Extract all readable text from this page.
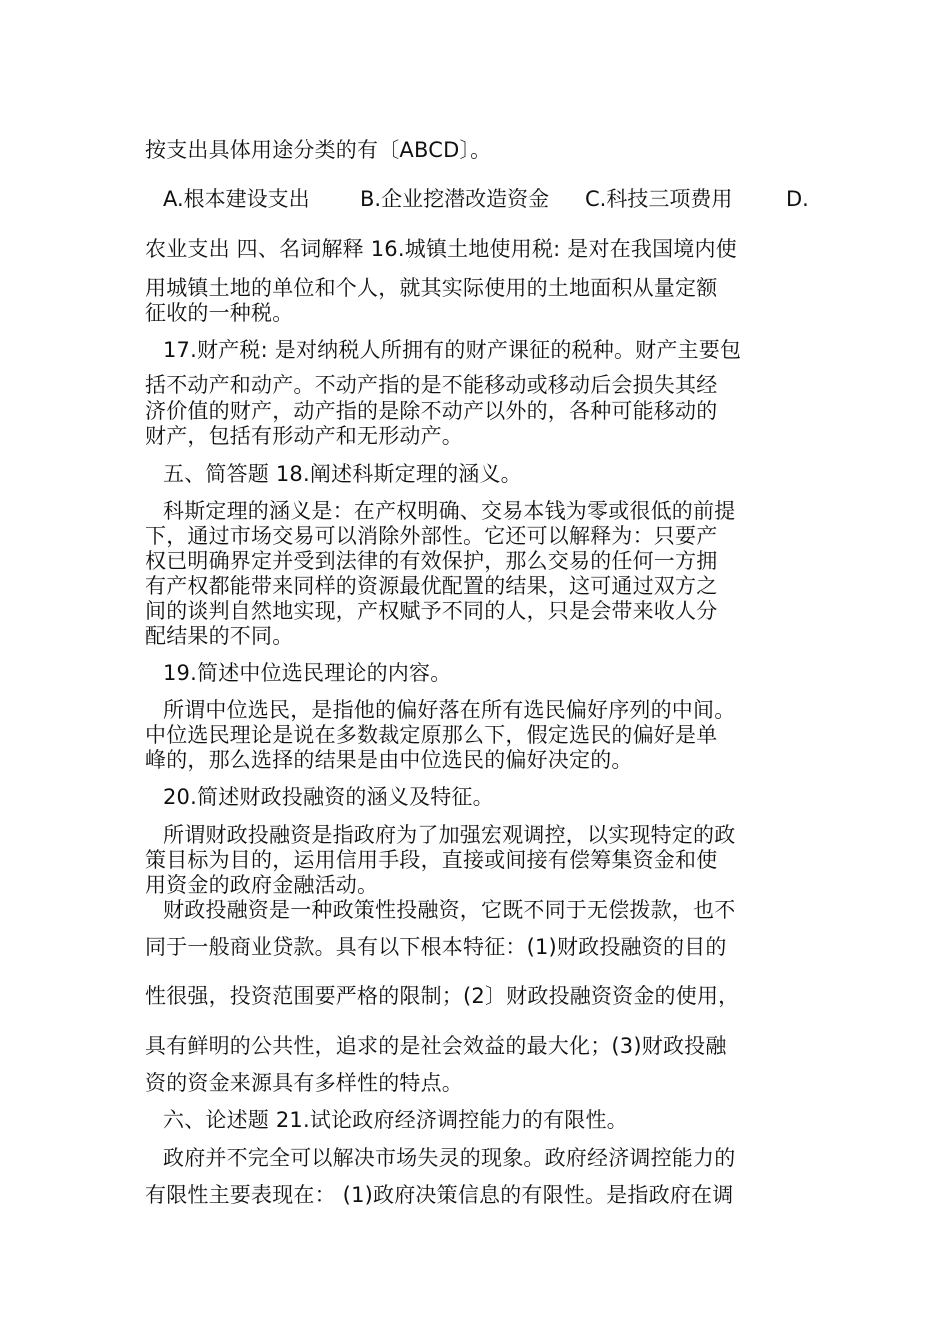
按支出具体用途分类的有〔ABCD〕。
A.根本建设支出 B.企业挖潜改造资金 C.科技三项费用	D.
农业支出 四、名词解释 16.城镇土地使用税: 是对在我国境内使
用城镇土地的单位和个人，就其实际使用的土地面积从量定额
征收的一种税。
17.财产税: 是对纳税人所拥有的财产课征的税种。财产主要包
括不动产和动产。不动产指的是不能移动或移动后会损失其经
济价值的财产，动产指的是除不动产以外的，各种可能移动的
财产，包括有形动产和无形动产。
五、简答题 18.阐述科斯定理的涵义。
科斯定理的涵义是：在产权明确、交易本钱为零或很低的前提
下，通过市场交易可以消除外部性。它还可以解释为：只要产
权已明确界定并受到法律的有效保护，那么交易的任何一方拥
有产权都能带来同样的资源最优配置的结果，这可通过双方之
间的谈判自然地实现，产权赋予不同的人，只是会带来收人分
配结果的不同。
19.简述中位选民理论的内容。
所谓中位选民，是指他的偏好落在所有选民偏好序列的中间。
中位选民理论是说在多数裁定原那么下，假定选民的偏好是单
峰的，那么选择的结果是由中位选民的偏好决定的。
20.简述财政投融资的涵义及特征。
所谓财政投融资是指政府为了加强宏观调控，以实现特定的政
策目标为目的，运用信用手段，直接或间接有偿筹集资金和使
用资金的政府金融活动。
财政投融资是一种政策性投融资，它既不同于无偿拨款，也不
同于一般商业贷款。具有以下根本特征：(1)财政投融资的目的
性很强，投资范围要严格的限制；(2〕财政投融资资金的使用，
具有鲜明的公共性，追求的是社会效益的最大化；(3)财政投融
资的资金来源具有多样性的特点。
六、论述题 21.试论政府经济调控能力的有限性。
政府并不完全可以解决市场失灵的现象。政府经济调控能力的
有限性主要表现在： (1)政府决策信息的有限性。是指政府在调
